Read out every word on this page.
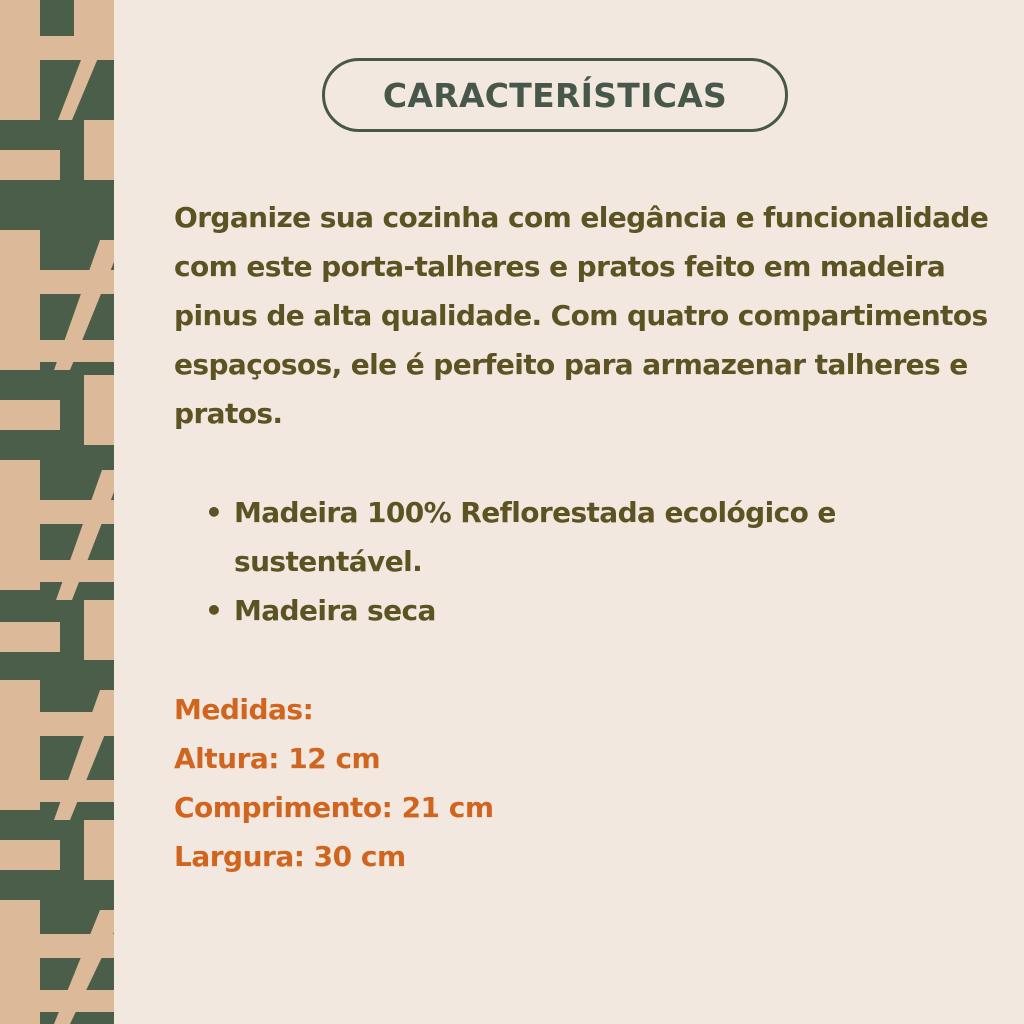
CARACTERÍSTICAS

Organize sua cozinha com elegância e funcionalidade com este porta-talheres e pratos feito em madeira pinus de alta qualidade. Com quatro compartimentos espaçosos, ele é perfeito para armazenar talheres e pratos.

• Madeira 100% Reflorestada ecológico e sustentável.
• Madeira seca
Medidas:
Altura: 12 cm
Comprimento: 21 cm
Largura: 30 cm
